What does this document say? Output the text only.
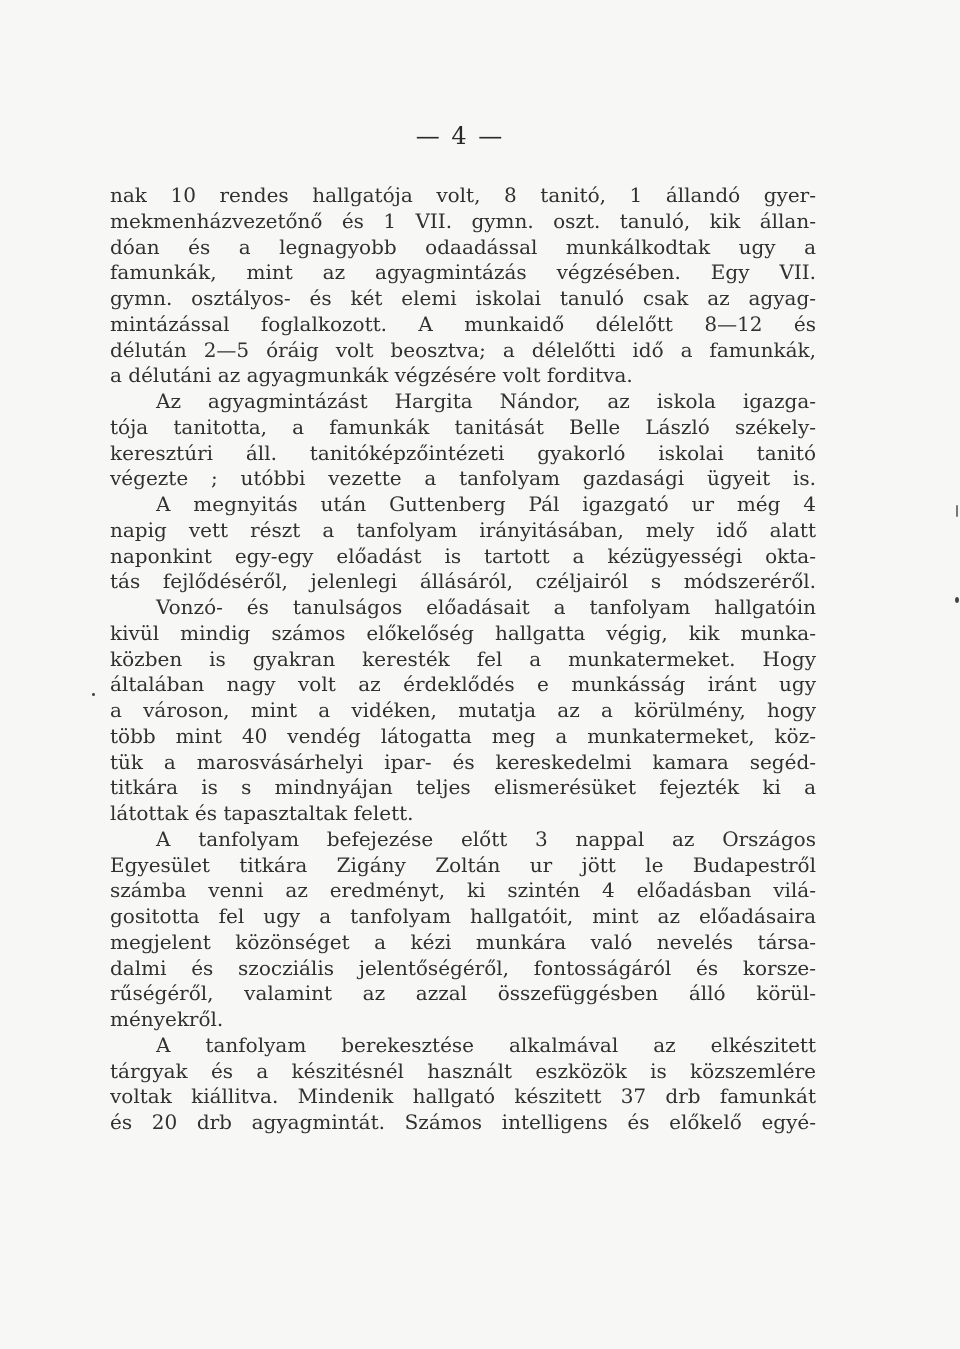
— 4 —
nak 10 rendes hallgatója volt, 8 tanitó, 1 állandó gyer-
mekmenházvezetőnő és 1 VII. gymn. oszt. tanuló, kik állan-
dóan és a legnagyobb odaadással munkálkodtak ugy a
famunkák, mint az agyagmintázás végzésében. Egy VII.
gymn. osztályos- és két elemi iskolai tanuló csak az agyag-
mintázással foglalkozott. A munkaidő délelőtt 8—12 és
délután 2—5 óráig volt beosztva; a délelőtti idő a famunkák,
a délutáni az agyagmunkák végzésére volt forditva.
Az agyagmintázást Hargita Nándor, az iskola igazga-
tója tanitotta, a famunkák tanitását Belle László székely-
keresztúri áll. tanitóképzőintézeti gyakorló iskolai tanitó
végezte ; utóbbi vezette a tanfolyam gazdasági ügyeit is.
A megnyitás után Guttenberg Pál igazgató ur még 4
napig vett részt a tanfolyam irányitásában, mely idő alatt
naponkint egy-egy előadást is tartott a kézügyességi okta-
tás fejlődéséről, jelenlegi állásáról, czéljairól s módszeréről.
Vonzó- és tanulságos előadásait a tanfolyam hallgatóin
kivül mindig számos előkelőség hallgatta végig, kik munka-
közben is gyakran keresték fel a munkatermeket. Hogy
általában nagy volt az érdeklődés e munkásság iránt ugy
a városon, mint a vidéken, mutatja az a körülmény, hogy
több mint 40 vendég látogatta meg a munkatermeket, köz-
tük a marosvásárhelyi ipar- és kereskedelmi kamara segéd-
titkára is s mindnyájan teljes elismerésüket fejezték ki a
látottak és tapasztaltak felett.
A tanfolyam befejezése előtt 3 nappal az Országos
Egyesület titkára Zigány Zoltán ur jött le Budapestről
számba venni az eredményt, ki szintén 4 előadásban vilá-
gositotta fel ugy a tanfolyam hallgatóit, mint az előadásaira
megjelent közönséget a kézi munkára való nevelés társa-
dalmi és szocziális jelentőségéről, fontosságáról és korsze-
rűségéről, valamint az azzal összefüggésben álló körül-
ményekről.
A tanfolyam berekesztése alkalmával az elkészitett
tárgyak és a készitésnél használt eszközök is közszemlére
voltak kiállitva. Mindenik hallgató készitett 37 drb famunkát
és 20 drb agyagmintát. Számos intelligens és előkelő egyé-
